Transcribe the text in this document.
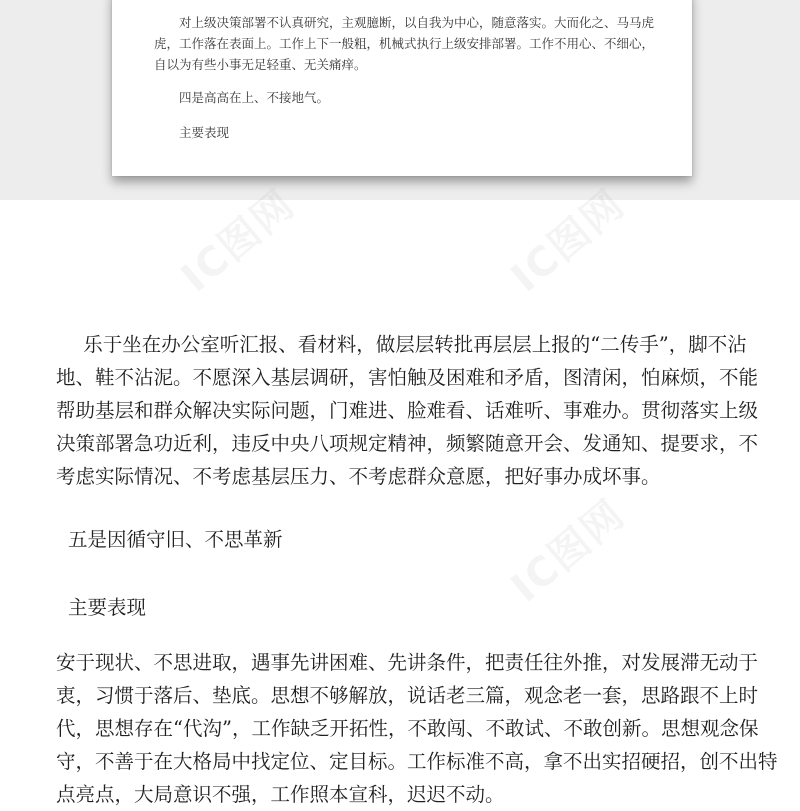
对上级决策部署不认真研究，主观臆断，以自我为中心，随意落实。大而化之、马马虎虎，工作落在表面上。工作上下一般粗，机械式执行上级安排部署。工作不用心、不细心，自以为有些小事无足轻重、无关痛痒。

四是高高在上、不接地气。

主要表现

IC图网	IC图网
IC图网

乐于坐在办公室听汇报、看材料，做层层转批再层层上报的“二传手”，脚不沾地、鞋不沾泥。不愿深入基层调研，害怕触及困难和矛盾，图清闲，怕麻烦，不能帮助基层和群众解决实际问题，门难进、脸难看、话难听、事难办。贯彻落实上级决策部署急功近利，违反中央八项规定精神，频繁随意开会、发通知、提要求，不考虑实际情况、不考虑基层压力、不考虑群众意愿，把好事办成坏事。

五是因循守旧、不思革新
主要表现

安于现状、不思进取，遇事先讲困难、先讲条件，把责任往外推，对发展滞无动于衷，习惯于落后、垫底。思想不够解放，说话老三篇，观念老一套，思路跟不上时代，思想存在“代沟”，工作缺乏开拓性，不敢闯、不敢试、不敢创新。思想观念保守，不善于在大格局中找定位、定目标。工作标准不高，拿不出实招硬招，创不出特点亮点，大局意识不强，工作照本宣科，迟迟不动。
